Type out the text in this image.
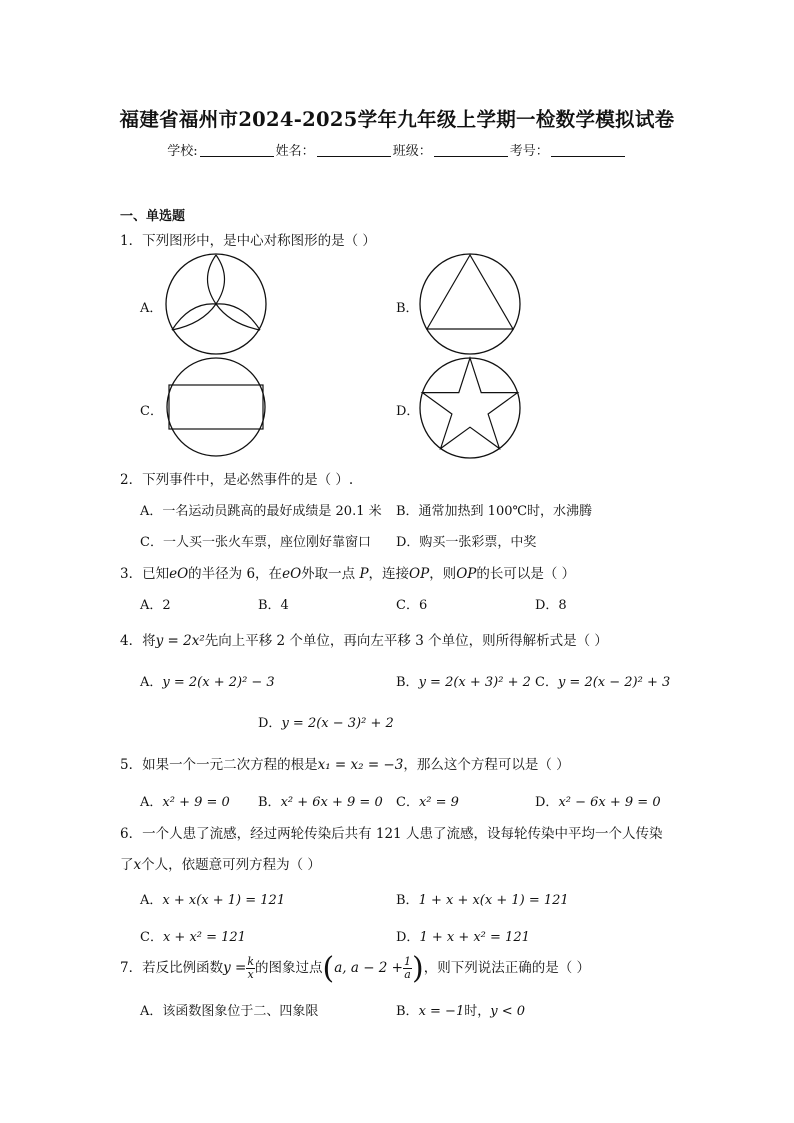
福建省福州市2024-2025学年九年级上学期一检数学模拟试卷
学校:	姓名：	班级：	考号：
一、单选题
1．下列图形中，是中心对称图形的是（ ）
A．	B．
C．	D．
2．下列事件中，是必然事件的是（ ）.
A．一名运动员跳高的最好成绩是 20.1 米 B．通常加热到 100℃时，水沸腾
C．一人买一张火车票，座位刚好靠窗口 D．购买一张彩票，中奖
3．已知eO的半径为 6，在eO外取一点 P，连接OP，则OP的长可以是（ ）
A．2	B．4	C．6	D．8
4．将y = 2x²先向上平移 2 个单位，再向左平移 3 个单位，则所得解析式是（ ）
A．y = 2(x + 2)² − 3	B．y = 2(x + 3)² + 2 C．y = 2(x − 2)² + 3
D．y = 2(x − 3)² + 2
5．如果一个一元二次方程的根是x₁ = x₂ = −3，那么这个方程可以是（ ）
A．x² + 9 = 0 B．x² + 6x + 9 = 0 C．x² = 9	D．x² − 6x + 9 = 0
6．一个人患了流感，经过两轮传染后共有 121 人患了流感，设每轮传染中平均一个人传染
了x个人，依题意可列方程为（ ）
A．x + x(x + 1) = 121	B．1 + x + x(x + 1) = 121
C．x + x² = 121	D．1 + x + x² = 121
7．若反比例函数$y = \frac{k}{x}$ 的图象过点(a, $a - 2 + \frac{1}{a}$ )，则下列说法正确的是（ ）
A．该函数图象位于二、四象限	B．x = −1时，y < 0
